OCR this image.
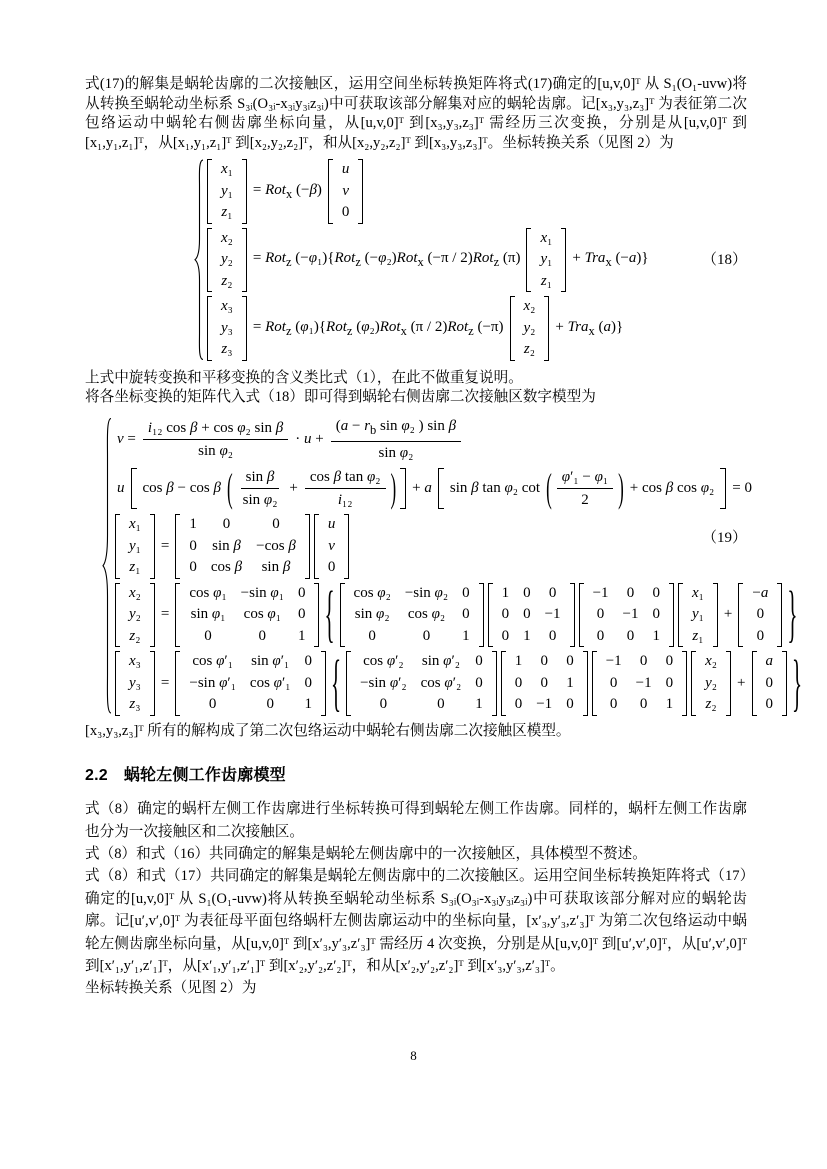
式(17)的解集是蜗轮齿廓的二次接触区，运用空间坐标转换矩阵将式(17)确定的[u,v,0]ᵀ 从 S₁(O₁-uvw)将从转换至蜗轮动坐标系 S₃ᵢ(O₃ᵢ-x₃ᵢy₃ᵢz₃ᵢ)中可获取该部分解集对应的蜗轮齿廓。记[x₃,y₃,z₃]ᵀ 为表征第二次包络运动中蜗轮右侧齿廓坐标向量，从[u,v,0]ᵀ 到[x₃,y₃,z₃]ᵀ 需经历三次变换，分别是从[u,v,0]ᵀ 到[x₁,y₁,z₁]ᵀ，从[x₁,y₁,z₁]ᵀ 到[x₂,y₂,z₂]ᵀ，和从[x₂,y₂,z₂]ᵀ 到[x₃,y₃,z₃]ᵀ。坐标转换关系（见图 2）为

x₁
y₁
z₁
= Rot$_x$ (−β)
u
v
0
x₂
y₂
z₂
= Rot$_z$ (−φ₁){Rot$_z$ (−φ₂)Rot$_x$ (−π / 2)Rot$_z$ (π)
x₁
y₁
z₁
+ Tra$_x$ (−a)}
x₃
y₃
z₃
= Rot$_z$ (φ₁){Rot$_z$ (φ₂)Rot$_x$ (π / 2)Rot$_z$ (−π)
x₂
y₂
z₂
+ Tra$_x$ (a)}
（18）

上式中旋转变换和平移变换的含义类比式（1），在此不做重复说明。

将各坐标变换的矩阵代入式（18）即可得到蜗轮右侧齿廓二次接触区数字模型为

$v = \frac{\text{i₁₂ cos β + cos φ₂ sin β}}{\text{sin φ₂}} \cdot u + \frac{(a - r_b \sin \varphi_2 ) \sin \beta}{\text{sin φ₂}}$
u cos β − cos β ( $\frac{\text{sin β}}{\text{sin φ₂}} + \frac{\text{cos β tan φ₂}}{\text{i₁₂}}$ ) + a sin β tan φ₂ cot ( $\frac{\text{φ′₁ − φ₁}}{2}$ ) + cos β cos φ₂ = 0
x₁
y₁
z₁
=
1	0	0
0	sin β	−cos β
0	cos β	sin β
u
v
0
x₂
y₂
z₂
=
cos φ₁	−sin φ₁	0
sin φ₁	cos φ₁	0
0	0	1 { cos φ₂	−sin φ₂	0
sin φ₂	cos φ₂	0
0	0	1
1	0	0
0	0	−1
0	1	0
−1	0	0
0	−1	0
0	0	1
x₁
y₁
z₁
+
−a
0
0 }
x₃
y₃
z₃
=
cos φ′₁	sin φ′₁	0
−sin φ′₁	cos φ′₁	0
0	0	1 { cos φ′₂	sin φ′₂	0
−sin φ′₂	cos φ′₂	0
0	0	1
1	0	0
0	0	1
0	−1	0
−1	0	0
0	−1	0
0	0	1
x₂
y₂
z₂
+
a
0
0 }
（19）

[x₃,y₃,z₃]ᵀ 所有的解构成了第二次包络运动中蜗轮右侧齿廓二次接触区模型。

2.2 蜗轮左侧工作齿廓模型

式（8）确定的蜗杆左侧工作齿廓进行坐标转换可得到蜗轮左侧工作齿廓。同样的，蜗杆左侧工作齿廓也分为一次接触区和二次接触区。

式（8）和式（16）共同确定的解集是蜗轮左侧齿廓中的一次接触区，具体模型不赘述。

式（8）和式（17）共同确定的解集是蜗轮左侧齿廓中的二次接触区。运用空间坐标转换矩阵将式（17）确定的[u,v,0]ᵀ 从 S₁(O₁-uvw)将从转换至蜗轮动坐标系 S₃ᵢ(O₃ᵢ-x₃ᵢy₃ᵢz₃ᵢ)中可获取该部分解对应的蜗轮齿廓。记[u′,v′,0]ᵀ 为表征母平面包络蜗杆左侧齿廓运动中的坐标向量，[x′₃,y′₃,z′₃]ᵀ 为第二次包络运动中蜗轮左侧齿廓坐标向量，从[u,v,0]ᵀ 到[x′₃,y′₃,z′₃]ᵀ 需经历 4 次变换，分别是从[u,v,0]ᵀ 到[u′,v′,0]ᵀ，从[u′,v′,0]ᵀ 到[x′₁,y′₁,z′₁]ᵀ，从[x′₁,y′₁,z′₁]ᵀ 到[x′₂,y′₂,z′₂]ᵀ，和从[x′₂,y′₂,z′₂]ᵀ 到[x′₃,y′₃,z′₃]ᵀ。

坐标转换关系（见图 2）为

8
